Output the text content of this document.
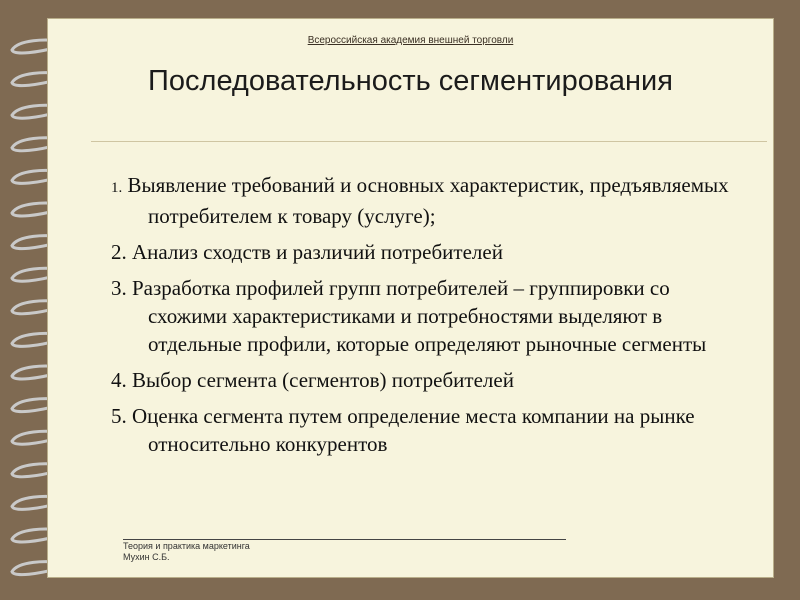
Всероссийская академия внешней торговли
Последовательность сегментирования
1. Выявление требований и основных характеристик, предъявляемых потребителем к товару (услуге);
2. Анализ сходств и различий потребителей
3. Разработка профилей групп потребителей – группировки со схожими характеристиками и потребностями выделяют в отдельные профили, которые определяют рыночные сегменты
4. Выбор сегмента (сегментов) потребителей
5. Оценка сегмента путем определение места компании на рынке относительно конкурентов
Теория и практика маркетинга
Мухин С.Б.
